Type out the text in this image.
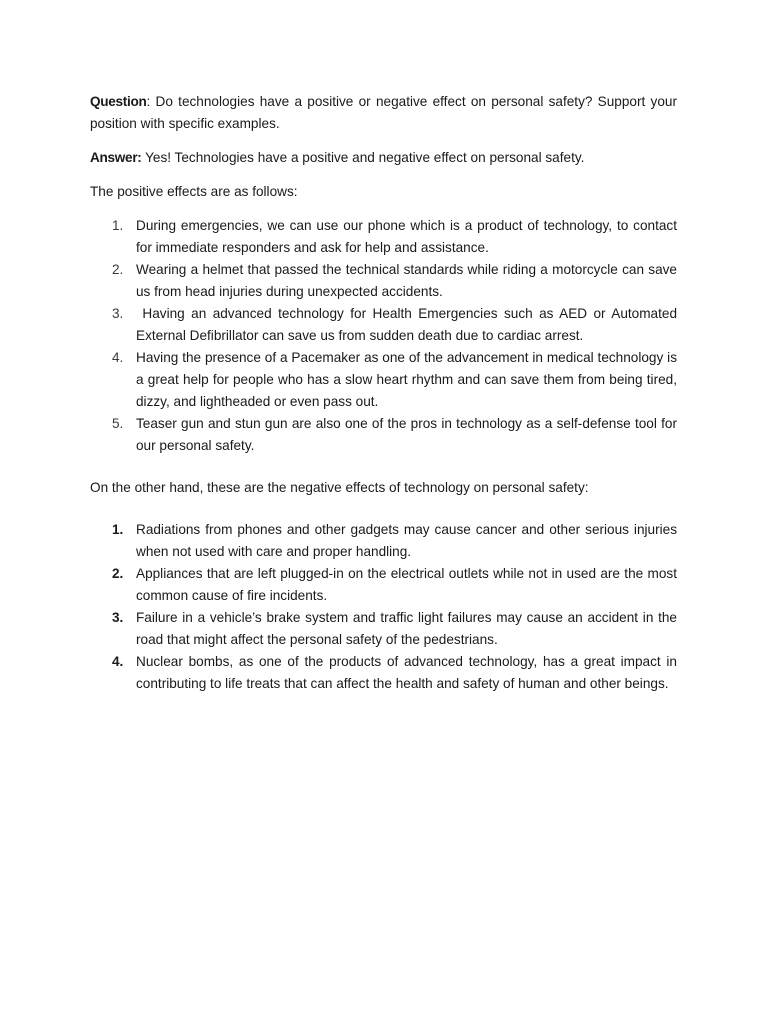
Question: Do technologies have a positive or negative effect on personal safety? Support your position with specific examples.

Answer: Yes! Technologies have a positive and negative effect on personal safety.

The positive effects are as follows:

1. During emergencies, we can use our phone which is a product of technology, to contact for immediate responders and ask for help and assistance.
2. Wearing a helmet that passed the technical standards while riding a motorcycle can save us from head injuries during unexpected accidents.
3.	Having an advanced technology for Health Emergencies such as AED or Automated External Defibrillator can save us from sudden death due to cardiac arrest.
4. Having the presence of a Pacemaker as one of the advancement in medical technology is a great help for people who has a slow heart rhythm and can save them from being tired, dizzy, and lightheaded or even pass out.
5. Teaser gun and stun gun are also one of the pros in technology as a self-defense tool for our personal safety.

On the other hand, these are the negative effects of technology on personal safety:

1. Radiations from phones and other gadgets may cause cancer and other serious injuries when not used with care and proper handling.
2. Appliances that are left plugged-in on the electrical outlets while not in used are the most common cause of fire incidents.
3. Failure in a vehicle’s brake system and traffic light failures may cause an accident in the road that might affect the personal safety of the pedestrians.
4. Nuclear bombs, as one of the products of advanced technology, has a great impact in contributing to life treats that can affect the health and safety of human and other beings.
